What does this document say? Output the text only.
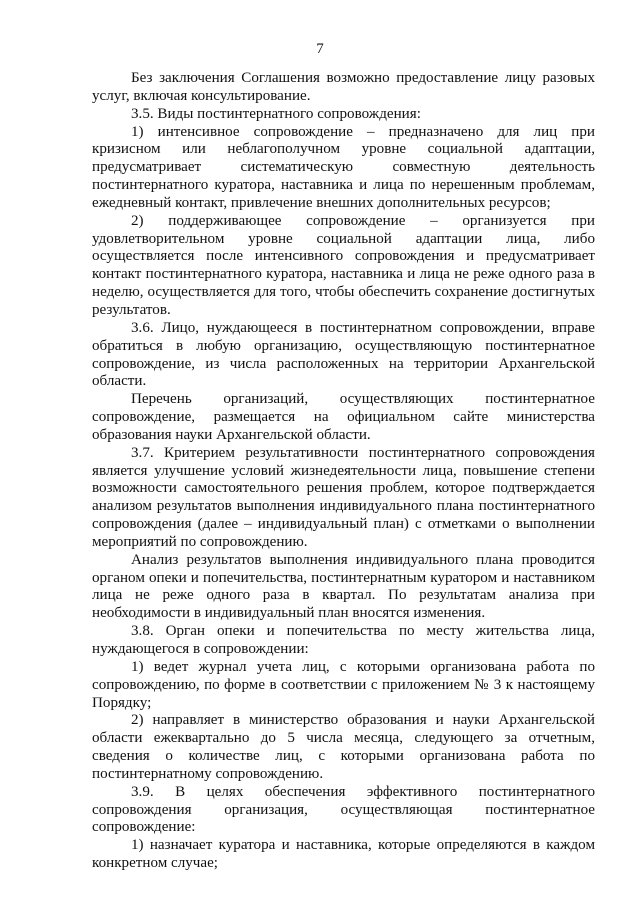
7

Без заключения Соглашения возможно предоставление лицу разовых услуг, включая консультирование.

3.5. Виды постинтернатного сопровождения:

1) интенсивное сопровождение – предназначено для лиц при кризисном или неблагополучном уровне социальной адаптации, предусматривает систематическую совместную деятельность постинтернатного куратора, наставника и лица по нерешенным проблемам, ежедневный контакт, привлечение внешних дополнительных ресурсов;

2) поддерживающее сопровождение – организуется при удовлетворительном уровне социальной адаптации лица, либо осуществляется после интенсивного сопровождения и предусматривает контакт постинтернатного куратора, наставника и лица не реже одного раза в неделю, осуществляется для того, чтобы обеспечить сохранение достигнутых результатов.

3.6. Лицо, нуждающееся в постинтернатном сопровождении, вправе обратиться в любую организацию, осуществляющую постинтернатное сопровождение, из числа расположенных на территории Архангельской области.

Перечень организаций, осуществляющих постинтернатное сопровождение, размещается на официальном сайте министерства образования науки Архангельской области.

3.7. Критерием результативности постинтернатного сопровождения является улучшение условий жизнедеятельности лица, повышение степени возможности самостоятельного решения проблем, которое подтверждается анализом результатов выполнения индивидуального плана постинтернатного сопровождения (далее – индивидуальный план) с отметками о выполнении мероприятий по сопровождению.

Анализ результатов выполнения индивидуального плана проводится органом опеки и попечительства, постинтернатным куратором и наставником лица не реже одного раза в квартал. По результатам анализа при необходимости в индивидуальный план вносятся изменения.

3.8. Орган опеки и попечительства по месту жительства лица, нуждающегося в сопровождении:

1) ведет журнал учета лиц, с которыми организована работа по сопровождению, по форме в соответствии с приложением № 3 к настоящему Порядку;

2) направляет в министерство образования и науки Архангельской области ежеквартально до 5 числа месяца, следующего за отчетным, сведения о количестве лиц, с которыми организована работа по постинтернатному сопровождению.

3.9. В целях обеспечения эффективного постинтернатного сопровождения организация, осуществляющая постинтернатное сопровождение:

1) назначает куратора и наставника, которые определяются в каждом конкретном случае;
